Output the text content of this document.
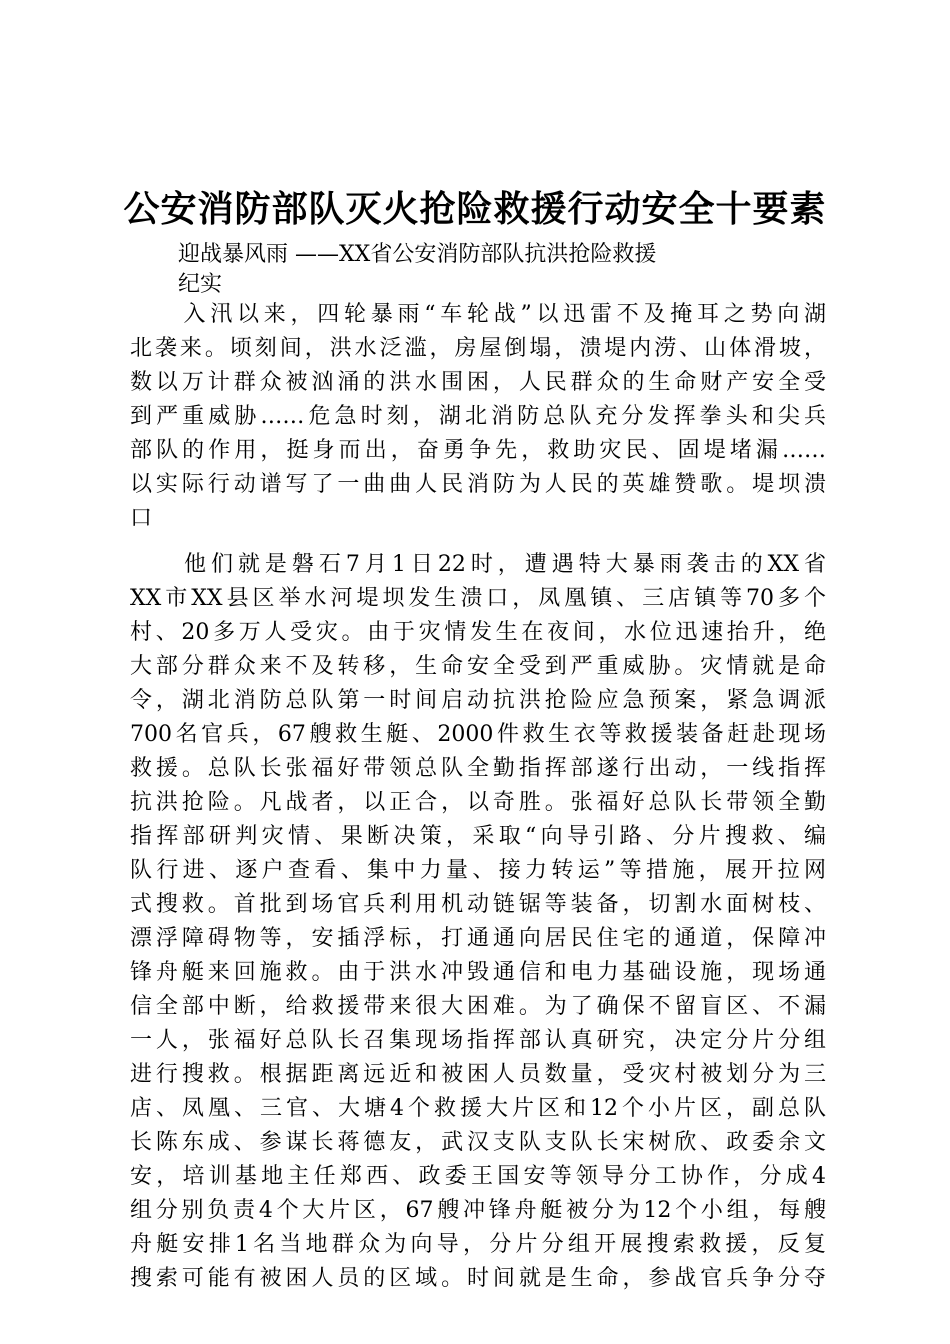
公安消防部队灭火抢险救援行动安全十要素
迎战暴风雨 ——XX省公安消防部队抗洪抢险救援
纪实
　　入汛以来，四轮暴雨“车轮战”以迅雷不及掩耳之势向湖
北袭来。顷刻间，洪水泛滥，房屋倒塌，溃堤内涝、山体滑坡，
数以万计群众被汹涌的洪水围困，人民群众的生命财产安全受
到严重威胁……危急时刻，湖北消防总队充分发挥拳头和尖兵
部队的作用，挺身而出，奋勇争先，救助灾民、固堤堵漏……
以实际行动谱写了一曲曲人民消防为人民的英雄赞歌。堤坝溃
口
　　他们就是磐石7月1日22时，遭遇特大暴雨袭击的XX省
XX市XX县区举水河堤坝发生溃口，凤凰镇、三店镇等70多个
村、20多万人受灾。由于灾情发生在夜间，水位迅速抬升，绝
大部分群众来不及转移，生命安全受到严重威胁。灾情就是命
令，湖北消防总队第一时间启动抗洪抢险应急预案，紧急调派
700名官兵，67艘救生艇、2000件救生衣等救援装备赶赴现场
救援。总队长张福好带领总队全勤指挥部遂行出动，一线指挥
抗洪抢险。凡战者，以正合，以奇胜。张福好总队长带领全勤
指挥部研判灾情、果断决策，采取“向导引路、分片搜救、编
队行进、逐户查看、集中力量、接力转运”等措施，展开拉网
式搜救。首批到场官兵利用机动链锯等装备，切割水面树枝、
漂浮障碍物等，安插浮标，打通通向居民住宅的通道，保障冲
锋舟艇来回施救。由于洪水冲毁通信和电力基础设施，现场通
信全部中断，给救援带来很大困难。为了确保不留盲区、不漏
一人，张福好总队长召集现场指挥部认真研究，决定分片分组
进行搜救。根据距离远近和被困人员数量，受灾村被划分为三
店、凤凰、三官、大塘4个救援大片区和12个小片区，副总队
长陈东成、参谋长蒋德友，武汉支队支队长宋树欣、政委余文
安，培训基地主任郑西、政委王国安等领导分工协作，分成4
组分别负责4个大片区，67艘冲锋舟艇被分为12个小组，每艘
舟艇安排1名当地群众为向导，分片分组开展搜索救援，反复
搜索可能有被困人员的区域。时间就是生命，参战官兵争分夺
